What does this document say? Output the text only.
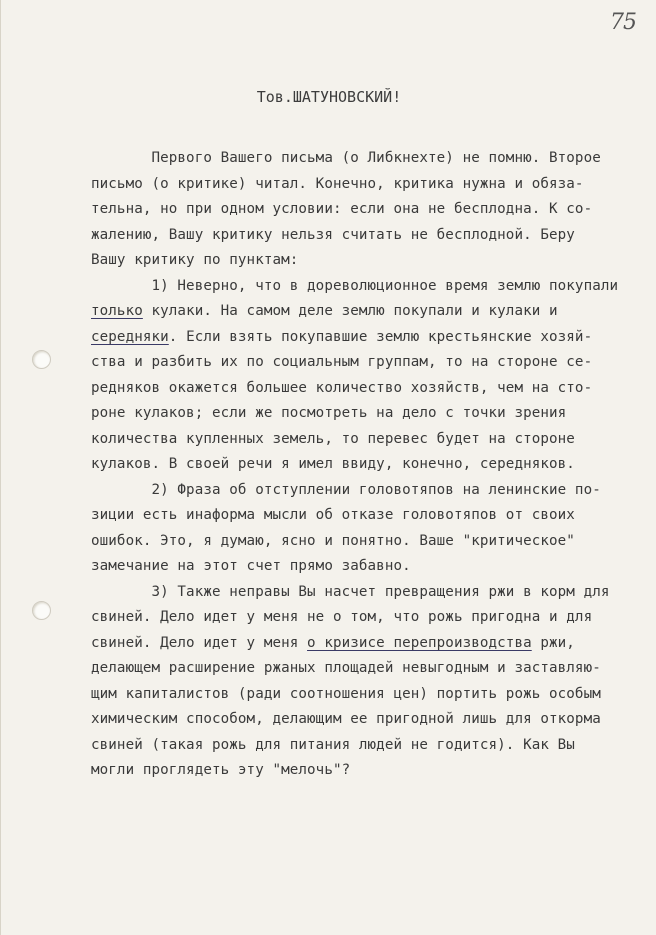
75
Тов.ШАТУНОВСКИЙ!
Первого Вашего письма (о Либкнехте) не помню. Второе
письмо (о критике) читал. Конечно, критика нужна и обяза-
тельна, но при одном условии: если она не бесплодна. К со-
жалению, Вашу критику нельзя считать не бесплодной. Беру
Вашу критику по пунктам:
1) Неверно, что в дореволюционное время землю покупали
только кулаки. На самом деле землю покупали и кулаки и
середняки. Если взять покупавшие землю крестьянские хозяй-
ства и разбить их по социальным группам, то на стороне се-
редняков окажется большее количество хозяйств, чем на сто-
роне кулаков; если же посмотреть на дело с точки зрения
количества купленных земель, то перевес будет на стороне
кулаков. В своей речи я имел ввиду, конечно, середняков.
2) Фраза об отступлении головотяпов на ленинские по-
зиции есть инаформа мысли об отказе головотяпов от своих
ошибок. Это, я думаю, ясно и понятно. Ваше "критическое"
замечание на этот счет прямо забавно.
3) Также неправы Вы насчет превращения ржи в корм для
свиней. Дело идет у меня не о том, что рожь пригодна и для
свиней. Дело идет у меня о кризисе перепроизводства ржи,
делающем расширение ржаных площадей невыгодным и заставляю-
щим капиталистов (ради соотношения цен) портить рожь особым
химическим способом, делающим ее пригодной лишь для откорма
свиней (такая рожь для питания людей не годится). Как Вы
могли проглядеть эту "мелочь"?
